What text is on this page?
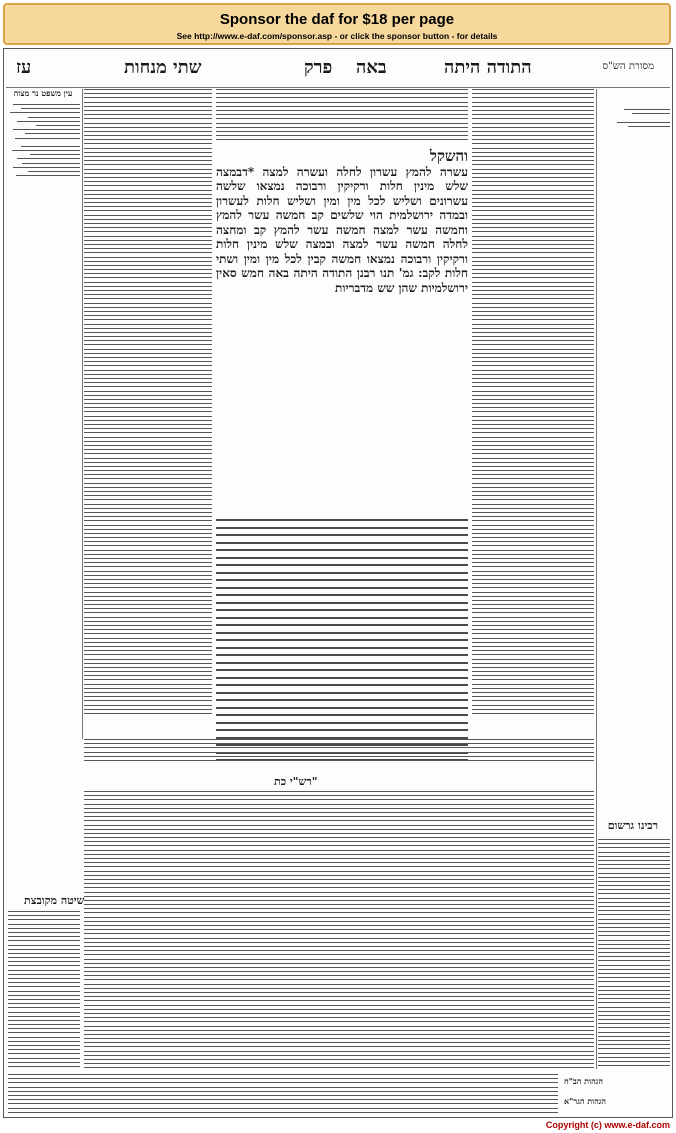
Sponsor the daf for $18 per page
See http://www.e-daf.com/sponsor.asp - or click the sponsor button - for details
עז	שתי מנחות	פרק באה	התודה היתה	מסורת הש"ס
עין משפט נר מצוה

והשקל

עשרה להמץ עשרון לחלה ועשרה למצה *דבמצה שלש מינין חלות ורקיקין ורבוכה נמצאו שלשה עשרונים ושליש לכל מין ומין ושליש חלות לעשרון ובמדה ירושלמית הוי שלשים קב חמשה עשר להמץ וחמשה עשר למצה חמשה עשר להמץ קב ומחצה לחלה חמשה עשר למצה ובמצה שלש מינין חלות ורקיקין ורבוכה נמצאו חמשה קבין לכל מין ומין ושתי חלות לקב: גמ' תנו רבנן התודה היתה באה חמש סאין ירושלמיות שהן שש מדבריות

רש"י כת"
רבינו גרשום
שיטה מקובצת
הגהות הב"ח
הגהות הגר"א
Copyright (c) www.e-daf.com
